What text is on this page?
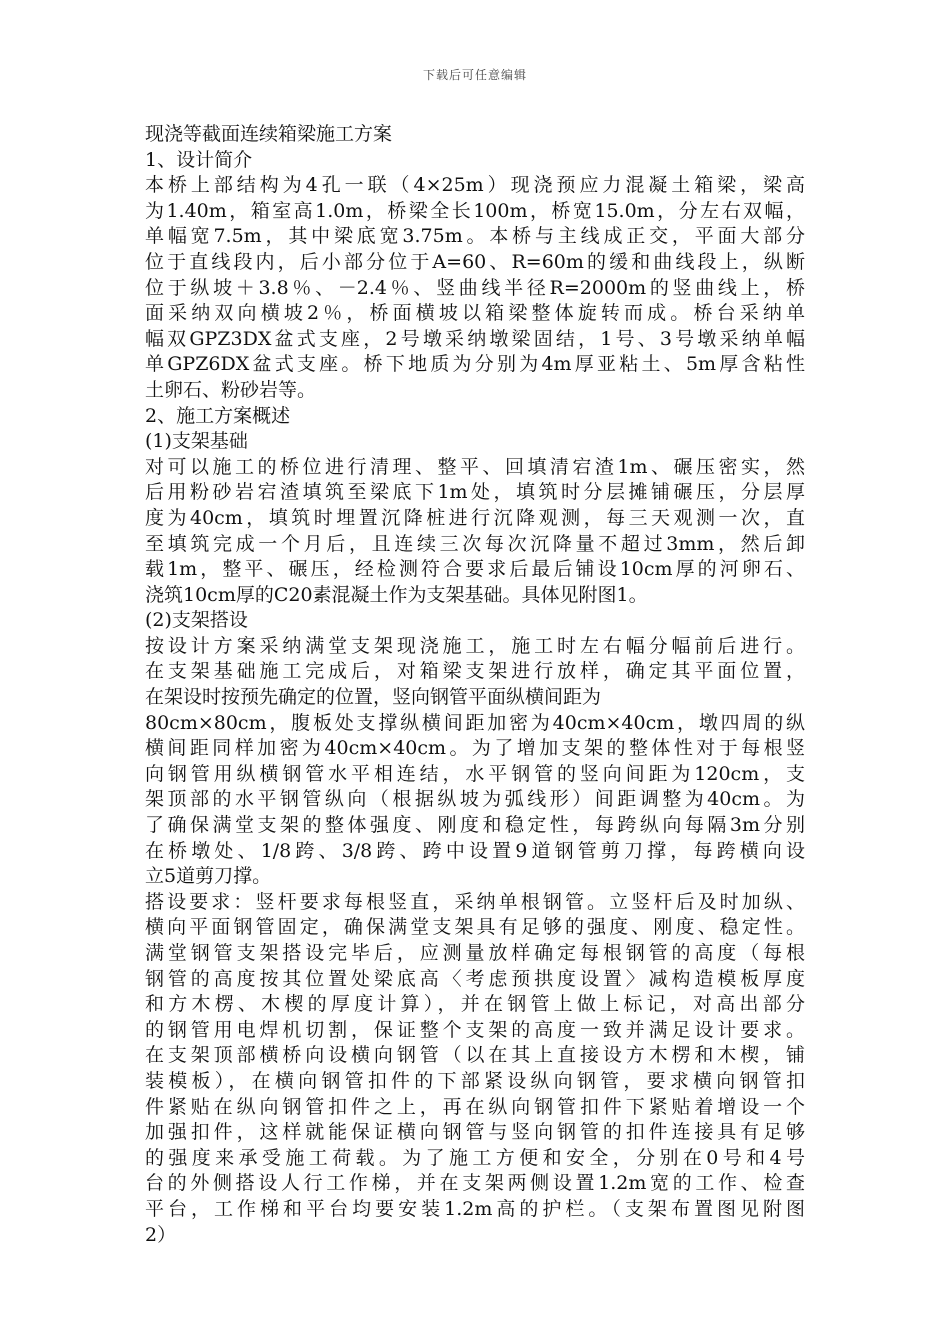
下载后可任意编辑
现浇等截面连续箱梁施工方案
1、设计简介
本桥上部结构为4孔一联（4×25m）现浇预应力混凝土箱梁，梁高
为1.40m，箱室高1.0m，桥梁全长100m，桥宽15.0m，分左右双幅，
单幅宽7.5m，其中梁底宽3.75m。本桥与主线成正交，平面大部分
位于直线段内，后小部分位于A=60、R=60m的缓和曲线段上，纵断
位于纵坡＋3.8％、－2.4％、竖曲线半径R=2000m的竖曲线上，桥
面采纳双向横坡2％，桥面横坡以箱梁整体旋转而成。桥台采纳单
幅双GPZ3DX盆式支座，2号墩采纳墩梁固结，1号、3号墩采纳单幅
单GPZ6DX盆式支座。桥下地质为分别为4m厚亚粘土、5m厚含粘性
土卵石、粉砂岩等。
2、施工方案概述
(1)支架基础
对可以施工的桥位进行清理、整平、回填清宕渣1m、碾压密实，然
后用粉砂岩宕渣填筑至梁底下1m处，填筑时分层摊铺碾压，分层厚
度为40cm，填筑时埋置沉降桩进行沉降观测，每三天观测一次，直
至填筑完成一个月后，且连续三次每次沉降量不超过3mm，然后卸
载1m，整平、碾压，经检测符合要求后最后铺设10cm厚的河卵石、
浇筑10cm厚的C20素混凝土作为支架基础。具体见附图1。
(2)支架搭设
按设计方案采纳满堂支架现浇施工，施工时左右幅分幅前后进行。
在支架基础施工完成后，对箱梁支架进行放样，确定其平面位置，
在架设时按预先确定的位置，竖向钢管平面纵横间距为
80cm×80cm，腹板处支撑纵横间距加密为40cm×40cm，墩四周的纵
横间距同样加密为40cm×40cm。为了增加支架的整体性对于每根竖
向钢管用纵横钢管水平相连结，水平钢管的竖向间距为120cm，支
架顶部的水平钢管纵向（根据纵坡为弧线形）间距调整为40cm。为
了确保满堂支架的整体强度、刚度和稳定性，每跨纵向每隔3m分别
在桥墩处、1/8跨、3/8跨、跨中设置9道钢管剪刀撑，每跨横向设
立5道剪刀撑。
搭设要求：竖杆要求每根竖直，采纳单根钢管。立竖杆后及时加纵、
横向平面钢管固定，确保满堂支架具有足够的强度、刚度、稳定性。
满堂钢管支架搭设完毕后，应测量放样确定每根钢管的高度（每根
钢管的高度按其位置处梁底高〈考虑预拱度设置〉减构造模板厚度
和方木楞、木楔的厚度计算），并在钢管上做上标记，对高出部分
的钢管用电焊机切割，保证整个支架的高度一致并满足设计要求。
在支架顶部横桥向设横向钢管（以在其上直接设方木楞和木楔，铺
装模板），在横向钢管扣件的下部紧设纵向钢管，要求横向钢管扣
件紧贴在纵向钢管扣件之上，再在纵向钢管扣件下紧贴着增设一个
加强扣件，这样就能保证横向钢管与竖向钢管的扣件连接具有足够
的强度来承受施工荷载。为了施工方便和安全，分别在0号和4号
台的外侧搭设人行工作梯，并在支架两侧设置1.2m宽的工作、检查
平台，工作梯和平台均要安装1.2m高的护栏。（支架布置图见附图
2）
